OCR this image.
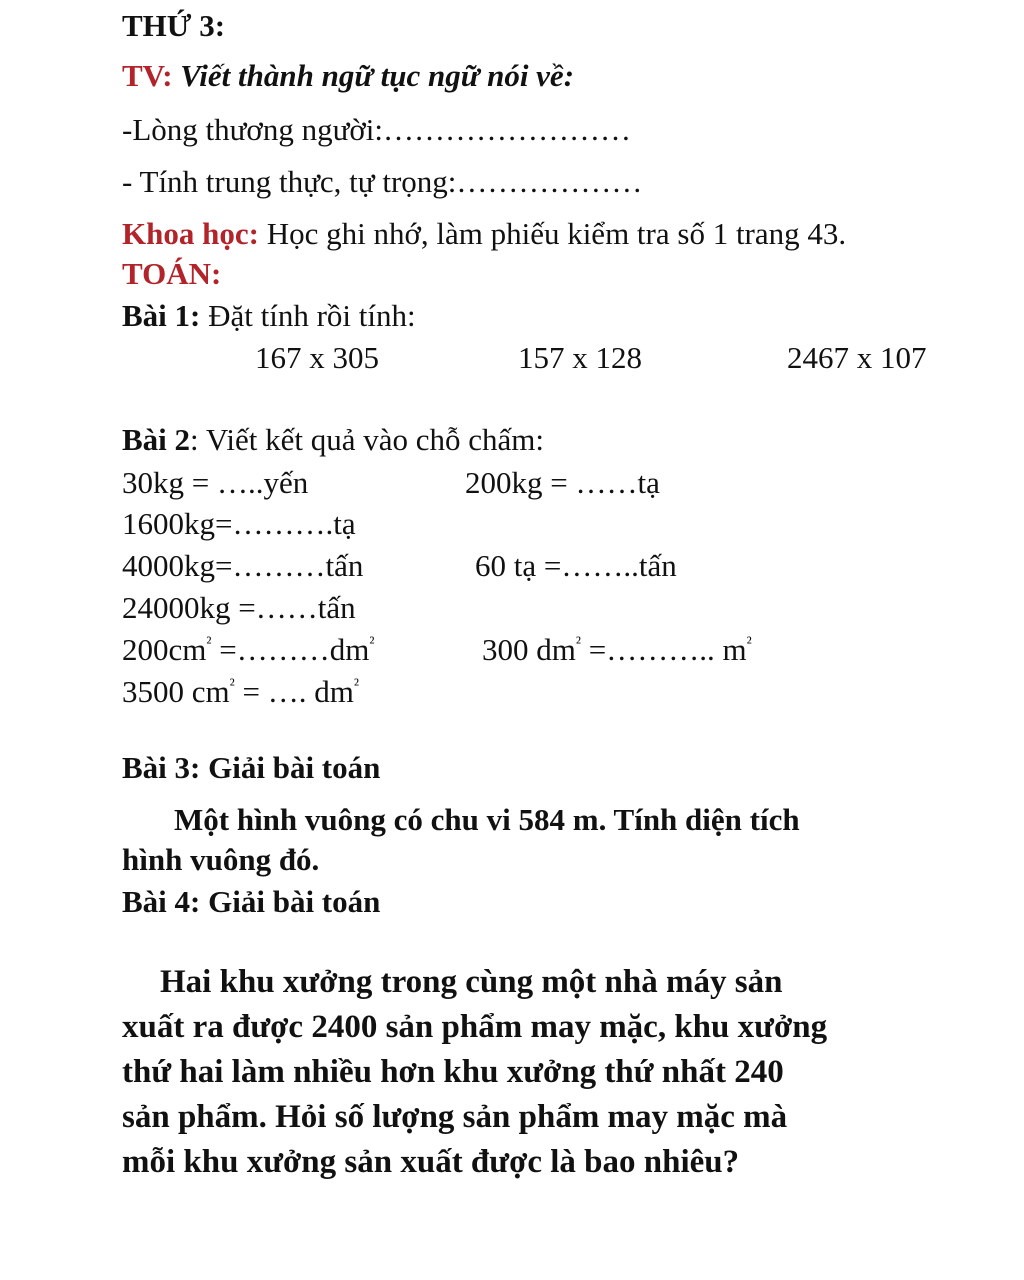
THỨ 3:
TV: Viết thành ngữ tục ngữ nói về:
-Lòng thương người:……………………
- Tính trung thực, tự trọng:………………
Khoa học: Học ghi nhớ, làm phiếu kiểm tra số 1 trang 43.
TOÁN:
Bài 1: Đặt tính rồi tính:
167 x 305	157 x 128	2467 x 107
Bài 2: Viết kết quả vào chỗ chấm:
30kg = …..yến	200kg = ……tạ
1600kg=……….tạ
4000kg=………tấn	60 tạ =……..tấn
24000kg =……tấn
$200cm^{^2}$ $=\dots\dots\dots dm^{^2}$	300 $dm^{^2}$ =……….. $m^{^2}$
3500 $cm^{^2}$ = …. $dm^{^2}$
Bài 3: Giải bài toán
Một hình vuông có chu vi 584 m. Tính diện tích
hình vuông đó.
Bài 4: Giải bài toán
Hai khu xưởng trong cùng một nhà máy sản
xuất ra được 2400 sản phẩm may mặc, khu xưởng
thứ hai làm nhiều hơn khu xưởng thứ nhất 240
sản phẩm. Hỏi số lượng sản phẩm may mặc mà
mỗi khu xưởng sản xuất được là bao nhiêu?
